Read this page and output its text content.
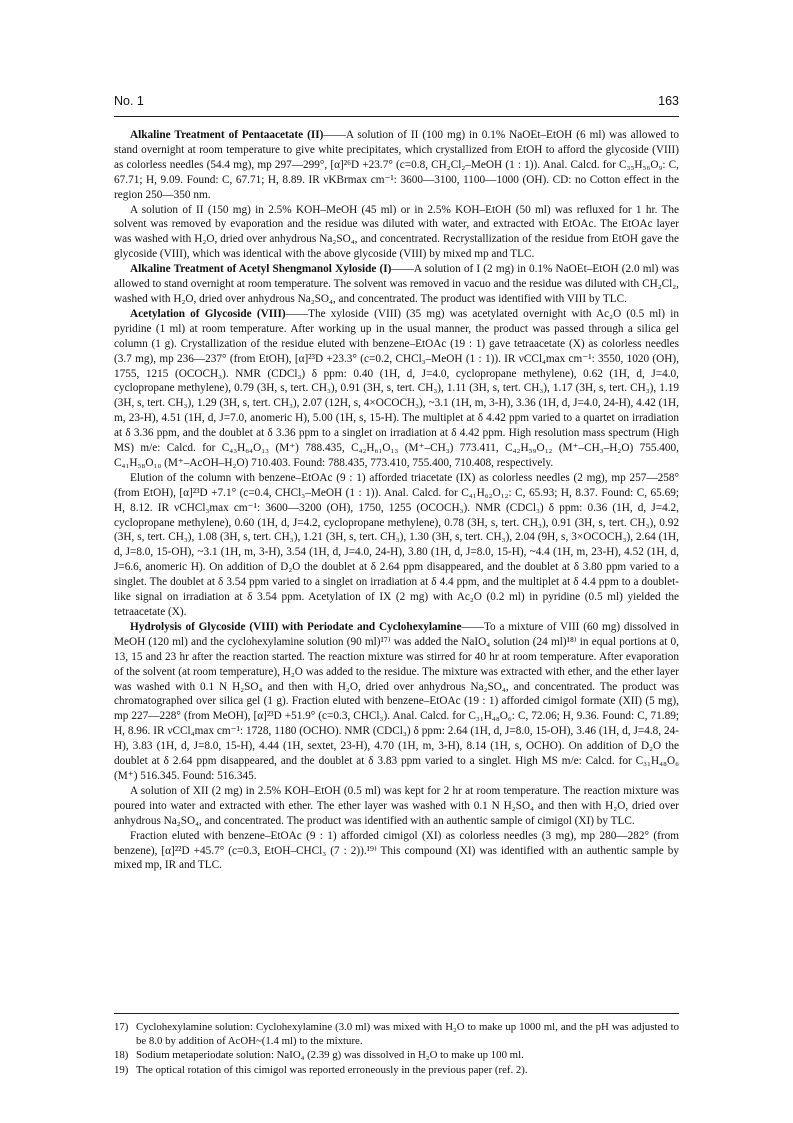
No. 1	163

Alkaline Treatment of Pentaacetate (II)——A solution of II (100 mg) in 0.1% NaOEt–EtOH (6 ml) was allowed to stand overnight at room temperature to give white precipitates, which crystallized from EtOH to afford the glycoside (VIII) as colorless needles (54.4 mg), mp 297—299°, [α]²⁶D +23.7° (c=0.8, CH₂Cl₂–MeOH (1 : 1)). Anal. Calcd. for C₃₅H₅₆O₉: C, 67.71; H, 9.09. Found: C, 67.71; H, 8.89. IR νKBrmax cm⁻¹: 3600—3100, 1100—1000 (OH). CD: no Cotton effect in the region 250—350 nm.

A solution of II (150 mg) in 2.5% KOH–MeOH (45 ml) or in 2.5% KOH–EtOH (50 ml) was refluxed for 1 hr. The solvent was removed by evaporation and the residue was diluted with water, and extracted with EtOAc. The EtOAc layer was washed with H₂O, dried over anhydrous Na₂SO₄, and concentrated. Recrystallization of the residue from EtOH gave the glycoside (VIII), which was identical with the above glycoside (VIII) by mixed mp and TLC.

Alkaline Treatment of Acetyl Shengmanol Xyloside (I)——A solution of I (2 mg) in 0.1% NaOEt–EtOH (2.0 ml) was allowed to stand overnight at room temperature. The solvent was removed in vacuo and the residue was diluted with CH₂Cl₂, washed with H₂O, dried over anhydrous Na₂SO₄, and concentrated. The product was identified with VIII by TLC.

Acetylation of Glycoside (VIII)——The xyloside (VIII) (35 mg) was acetylated overnight with Ac₂O (0.5 ml) in pyridine (1 ml) at room temperature. After working up in the usual manner, the product was passed through a silica gel column (1 g). Crystallization of the residue eluted with benzene–EtOAc (19 : 1) gave tetraacetate (X) as colorless needles (3.7 mg), mp 236—237° (from EtOH), [α]²³D +23.3° (c=0.2, CHCl₃–MeOH (1 : 1)). IR νCCl₄max cm⁻¹: 3550, 1020 (OH), 1755, 1215 (OCOCH₃). NMR (CDCl₃) δ ppm: 0.40 (1H, d, J=4.0, cyclopropane methylene), 0.62 (1H, d, J=4.0, cyclopropane methylene), 0.79 (3H, s, tert. CH₃), 0.91 (3H, s, tert. CH₃), 1.11 (3H, s, tert. CH₃), 1.17 (3H, s, tert. CH₃), 1.19 (3H, s, tert. CH₃), 1.29 (3H, s, tert. CH₃), 2.07 (12H, s, 4×OCOCH₃), ~3.1 (1H, m, 3-H), 3.36 (1H, d, J=4.0, 24-H), 4.42 (1H, m, 23-H), 4.51 (1H, d, J=7.0, anomeric H), 5.00 (1H, s, 15-H). The multiplet at δ 4.42 ppm varied to a quartet on irradiation at δ 3.36 ppm, and the doublet at δ 3.36 ppm to a singlet on irradiation at δ 4.42 ppm. High resolution mass spectrum (High MS) m/e: Calcd. for C₄₃H₆₄O₁₃ (M⁺) 788.435, C₄₂H₆₁O₁₃ (M⁺–CH₃) 773.411, C₄₂H₅₉O₁₂ (M⁺–CH₃–H₂O) 755.400, C₄₁H₅₈O₁₀ (M⁺–AcOH–H₂O) 710.403. Found: 788.435, 773.410, 755.400, 710.408, respectively.

Elution of the column with benzene–EtOAc (9 : 1) afforded triacetate (IX) as colorless needles (2 mg), mp 257—258° (from EtOH), [α]²³D +7.1° (c=0.4, CHCl₃–MeOH (1 : 1)). Anal. Calcd. for C₄₁H₆₂O₁₂: C, 65.93; H, 8.37. Found: C, 65.69; H, 8.12. IR νCHCl₃max cm⁻¹: 3600—3200 (OH), 1750, 1255 (OCOCH₃). NMR (CDCl₃) δ ppm: 0.36 (1H, d, J=4.2, cyclopropane methylene), 0.60 (1H, d, J=4.2, cyclopropane methylene), 0.78 (3H, s, tert. CH₃), 0.91 (3H, s, tert. CH₃), 0.92 (3H, s, tert. CH₃), 1.08 (3H, s, tert. CH₃), 1.21 (3H, s, tert. CH₃), 1.30 (3H, s, tert. CH₃), 2.04 (9H, s, 3×OCOCH₃), 2.64 (1H, d, J=8.0, 15-OH), ~3.1 (1H, m, 3-H), 3.54 (1H, d, J=4.0, 24-H), 3.80 (1H, d, J=8.0, 15-H), ~4.4 (1H, m, 23-H), 4.52 (1H, d, J=6.6, anomeric H). On addition of D₂O the doublet at δ 2.64 ppm disappeared, and the doublet at δ 3.80 ppm varied to a singlet. The doublet at δ 3.54 ppm varied to a singlet on irradiation at δ 4.4 ppm, and the multiplet at δ 4.4 ppm to a doublet-like signal on irradiation at δ 3.54 ppm. Acetylation of IX (2 mg) with Ac₂O (0.2 ml) in pyridine (0.5 ml) yielded the tetraacetate (X).

Hydrolysis of Glycoside (VIII) with Periodate and Cyclohexylamine——To a mixture of VIII (60 mg) dissolved in MeOH (120 ml) and the cyclohexylamine solution (90 ml)¹⁷⁾ was added the NaIO₄ solution (24 ml)¹⁸⁾ in equal portions at 0, 13, 15 and 23 hr after the reaction started. The reaction mixture was stirred for 40 hr at room temperature. After evaporation of the solvent (at room temperature), H₂O was added to the residue. The mixture was extracted with ether, and the ether layer was washed with 0.1 N H₂SO₄ and then with H₂O, dried over anhydrous Na₂SO₄, and concentrated. The product was chromatographed over silica gel (1 g). Fraction eluted with benzene–EtOAc (19 : 1) afforded cimigol formate (XII) (5 mg), mp 227—228° (from MeOH), [α]²³D +51.9° (c=0.3, CHCl₃). Anal. Calcd. for C₃₁H₄₈O₆: C, 72.06; H, 9.36. Found: C, 71.89; H, 8.96. IR νCCl₄max cm⁻¹: 1728, 1180 (OCHO). NMR (CDCl₃) δ ppm: 2.64 (1H, d, J=8.0, 15-OH), 3.46 (1H, d, J=4.8, 24-H), 3.83 (1H, d, J=8.0, 15-H), 4.44 (1H, sextet, 23-H), 4.70 (1H, m, 3-H), 8.14 (1H, s, OCHO). On addition of D₂O the doublet at δ 2.64 ppm disappeared, and the doublet at δ 3.83 ppm varied to a singlet. High MS m/e: Calcd. for C₃₁H₄₈O₆ (M⁺) 516.345. Found: 516.345.

A solution of XII (2 mg) in 2.5% KOH–EtOH (0.5 ml) was kept for 2 hr at room temperature. The reaction mixture was poured into water and extracted with ether. The ether layer was washed with 0.1 N H₂SO₄ and then with H₂O, dried over anhydrous Na₂SO₄, and concentrated. The product was identified with an authentic sample of cimigol (XI) by TLC.

Fraction eluted with benzene–EtOAc (9 : 1) afforded cimigol (XI) as colorless needles (3 mg), mp 280—282° (from benzene), [α]²²D +45.7° (c=0.3, EtOH–CHCl₃ (7 : 2)).¹⁹⁾ This compound (XI) was identified with an authentic sample by mixed mp, IR and TLC.

17) Cyclohexylamine solution: Cyclohexylamine (3.0 ml) was mixed with H₂O to make up 1000 ml, and the pH was adjusted to be 8.0 by addition of AcOH~(1.4 ml) to the mixture.
18) Sodium metaperiodate solution: NaIO₄ (2.39 g) was dissolved in H₂O to make up 100 ml.
19) The optical rotation of this cimigol was reported erroneously in the previous paper (ref. 2).
